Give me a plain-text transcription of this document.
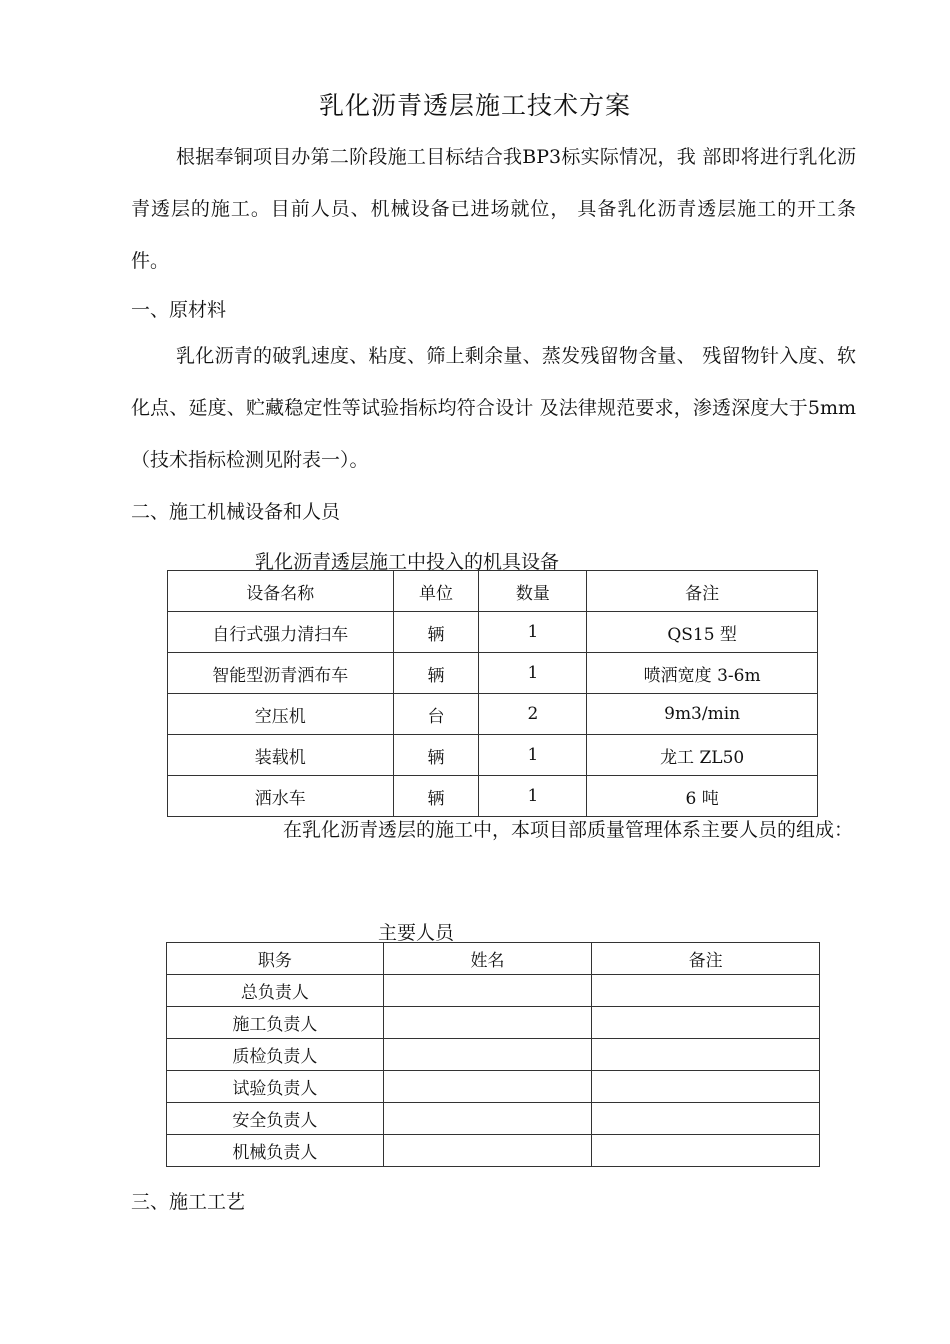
乳化沥青透层施工技术方案

根据奉铜项目办第二阶段施工目标结合我BP3标实际情况，我 部即将进行乳化沥青透层的施工。目前人员、机械设备已进场就位， 具备乳化沥青透层施工的开工条件。

一、原材料

乳化沥青的破乳速度、粘度、筛上剩余量、蒸发残留物含量、 残留物针入度、软化点、延度、贮藏稳定性等试验指标均符合设计 及法律规范要求，渗透深度大于5mm（技术指标检测见附表一）。

二、施工机械设备和人员

乳化沥青透层施工中投入的机具设备

设备名称	单位	数量	备注
自行式强力清扫车	辆	1	QS15 型
智能型沥青洒布车	辆	1	喷洒宽度 3-6m
空压机	台	2	9m3/min
装载机	辆	1	龙工 ZL50
洒水车	辆	1	6 吨

在乳化沥青透层的施工中，本项目部质量管理体系主要人员的组成：

主要人员

职务	姓名	备注
总负责人		
施工负责人		
质检负责人		
试验负责人		
安全负责人		
机械负责人		
三、施工工艺
